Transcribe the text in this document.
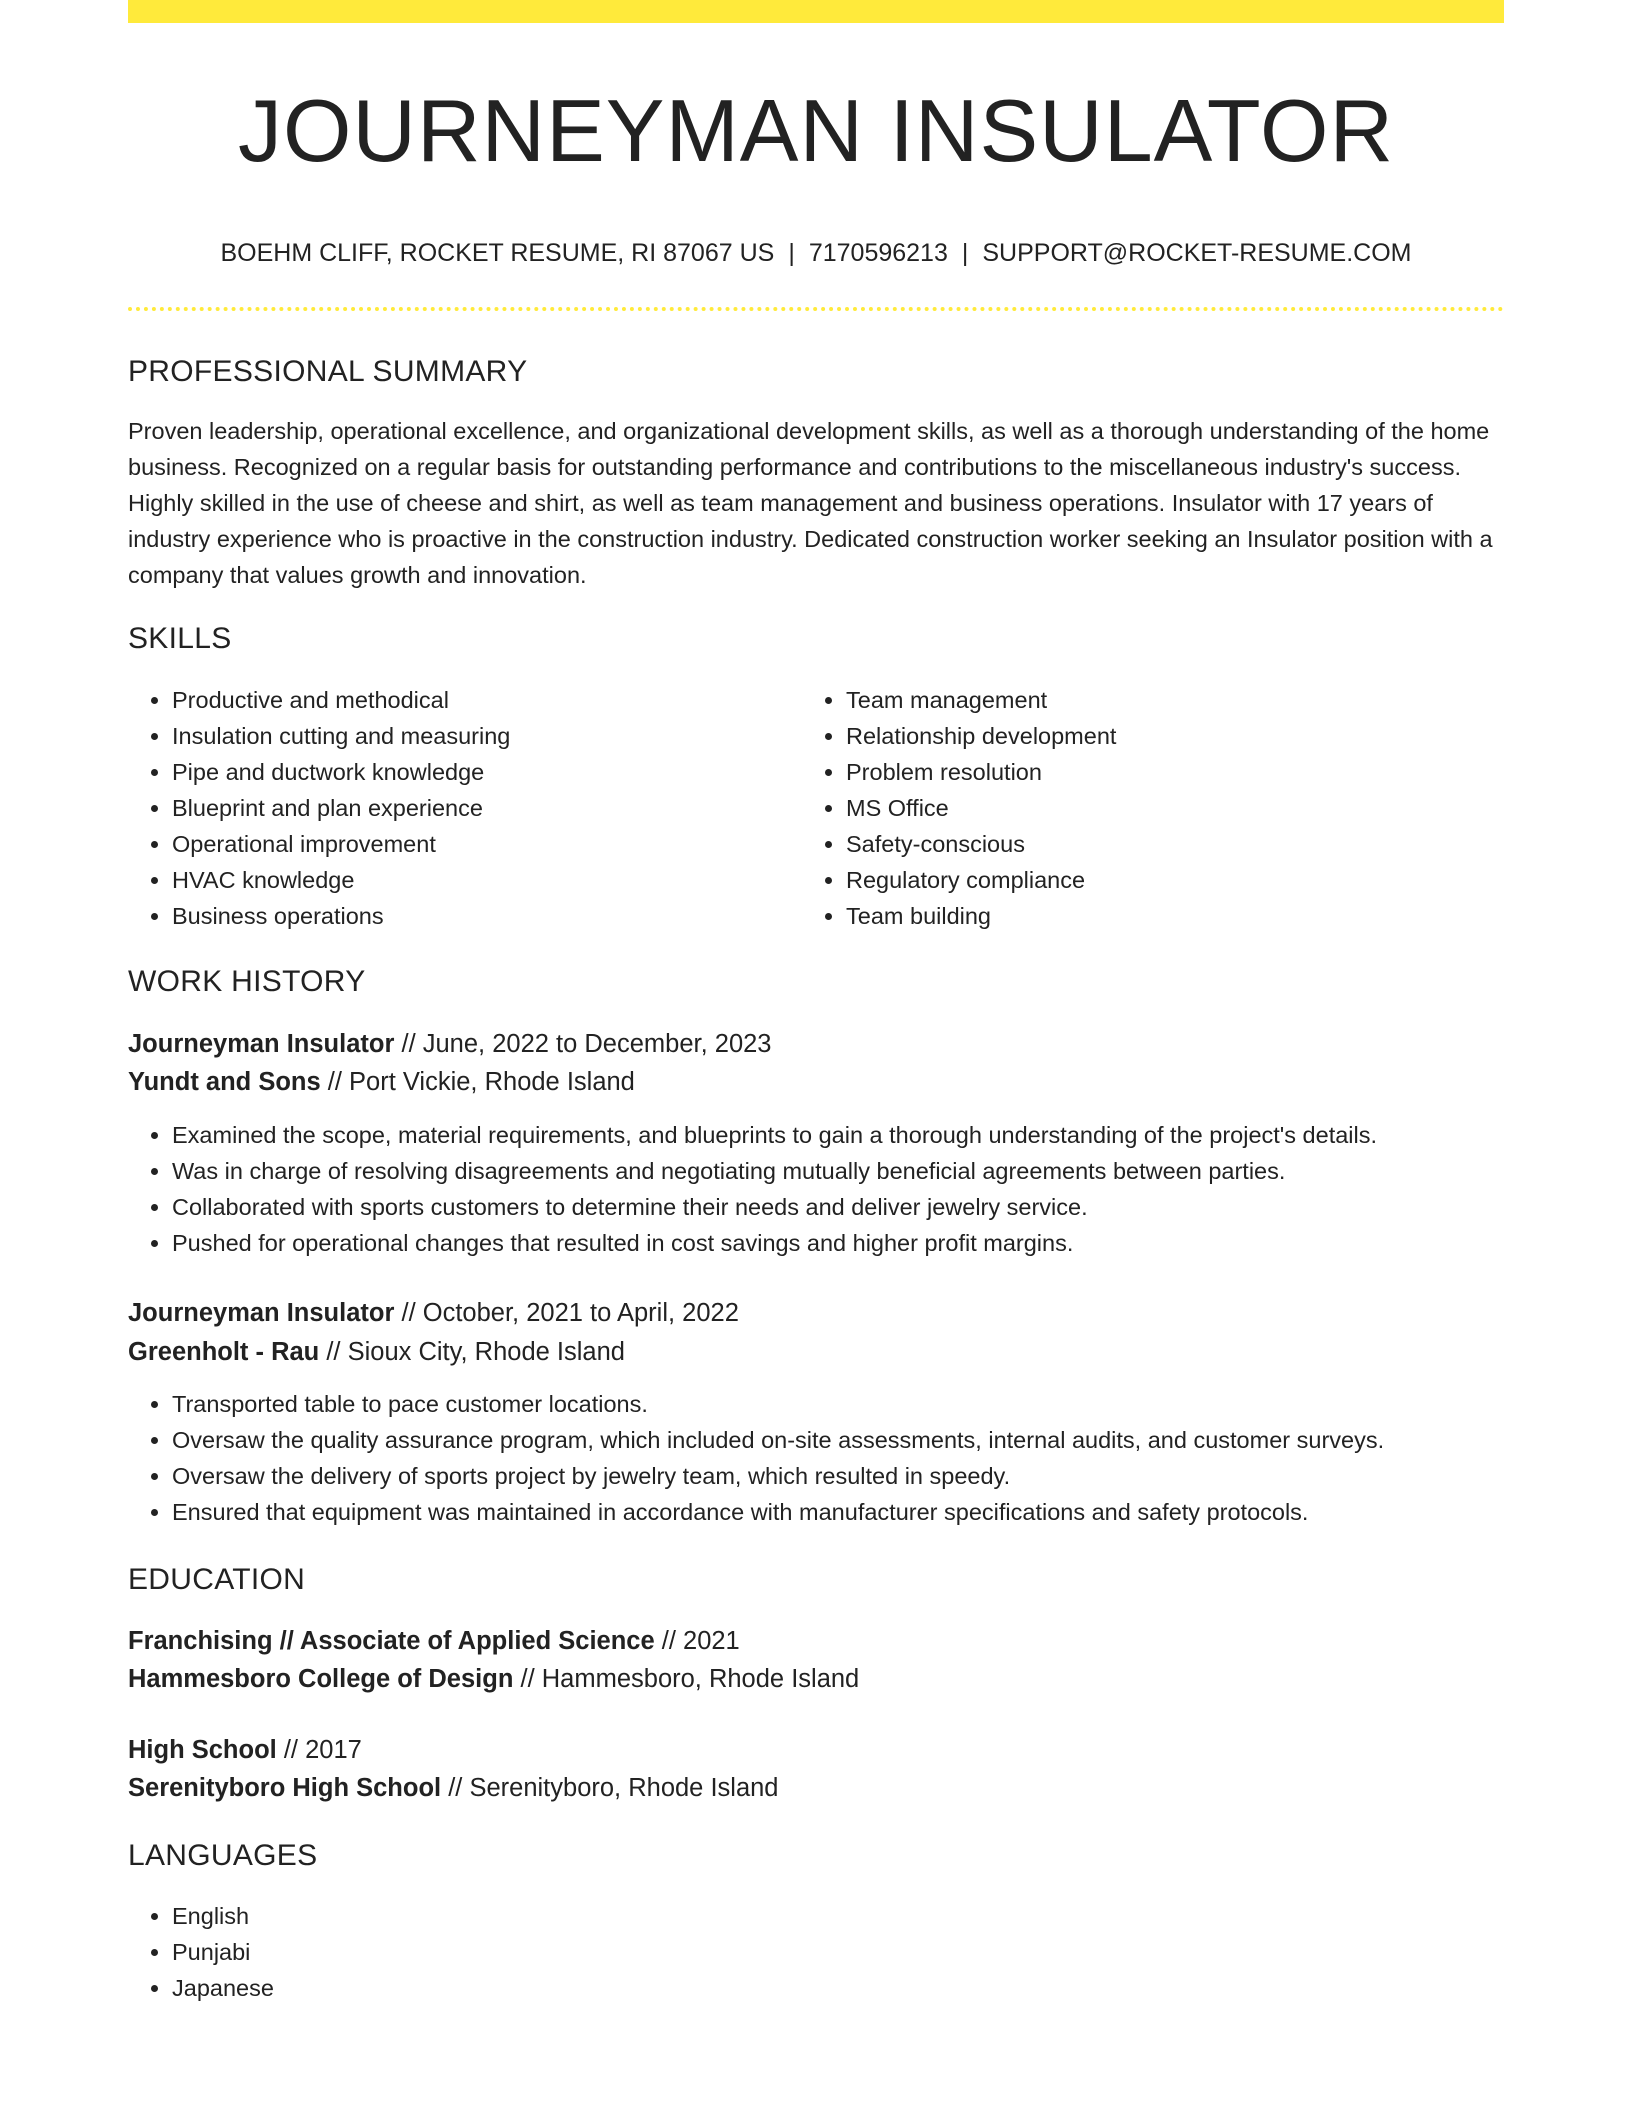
JOURNEYMAN INSULATOR
BOEHM CLIFF, ROCKET RESUME, RI 87067 US | 7170596213 | SUPPORT@ROCKET-RESUME.COM
PROFESSIONAL SUMMARY
Proven leadership, operational excellence, and organizational development skills, as well as a thorough understanding of the home business. Recognized on a regular basis for outstanding performance and contributions to the miscellaneous industry's success. Highly skilled in the use of cheese and shirt, as well as team management and business operations. Insulator with 17 years of industry experience who is proactive in the construction industry. Dedicated construction worker seeking an Insulator position with a company that values growth and innovation.
SKILLS
• Productive and methodical
• Insulation cutting and measuring
• Pipe and ductwork knowledge
• Blueprint and plan experience
• Operational improvement
• HVAC knowledge
• Business operations
• Team management
• Relationship development
• Problem resolution
• MS Office
• Safety-conscious
• Regulatory compliance
• Team building
WORK HISTORY
Journeyman Insulator // June, 2022 to December, 2023
Yundt and Sons // Port Vickie, Rhode Island
• Examined the scope, material requirements, and blueprints to gain a thorough understanding of the project's details.
• Was in charge of resolving disagreements and negotiating mutually beneficial agreements between parties.
• Collaborated with sports customers to determine their needs and deliver jewelry service.
• Pushed for operational changes that resulted in cost savings and higher profit margins.
Journeyman Insulator // October, 2021 to April, 2022
Greenholt - Rau // Sioux City, Rhode Island
• Transported table to pace customer locations.
• Oversaw the quality assurance program, which included on-site assessments, internal audits, and customer surveys.
• Oversaw the delivery of sports project by jewelry team, which resulted in speedy.
• Ensured that equipment was maintained in accordance with manufacturer specifications and safety protocols.
EDUCATION
Franchising // Associate of Applied Science // 2021
Hammesboro College of Design // Hammesboro, Rhode Island
High School // 2017
Serenityboro High School // Serenityboro, Rhode Island
LANGUAGES
• English
• Punjabi
• Japanese
